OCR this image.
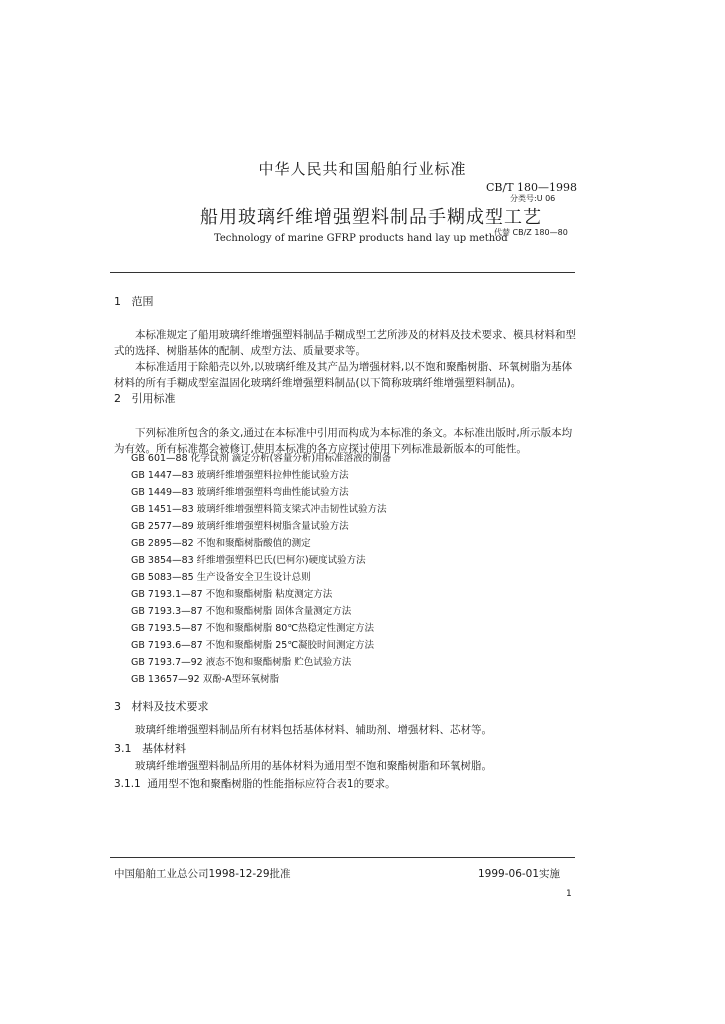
中华人民共和国船舶行业标准
CB/T 180—1998
分类号:U 06
船用玻璃纤维增强塑料制品手糊成型工艺
代替 CB/Z 180—80
Technology of marine GFRP products hand lay up method
1 范围

本标准规定了船用玻璃纤维增强塑料制品手糊成型工艺所涉及的材料及技术要求、模具材料和型式的选择、树脂基体的配制、成型方法、质量要求等。

本标准适用于除船壳以外,以玻璃纤维及其产品为增强材料,以不饱和聚酯树脂、环氧树脂为基体材料的所有手糊成型室温固化玻璃纤维增强塑料制品(以下简称玻璃纤维增强塑料制品)。

2 引用标准

下列标准所包含的条文,通过在本标准中引用而构成为本标准的条文。本标准出版时,所示版本均为有效。所有标准都会被修订,使用本标准的各方应探讨使用下列标准最新版本的可能性。

GB 601—88 化学试剂 滴定分析(容量分析)用标准溶液的制备
GB 1447—83 玻璃纤维增强塑料拉伸性能试验方法
GB 1449—83 玻璃纤维增强塑料弯曲性能试验方法
GB 1451—83 玻璃纤维增强塑料简支梁式冲击韧性试验方法
GB 2577—89 玻璃纤维增强塑料树脂含量试验方法
GB 2895—82 不饱和聚酯树脂酸值的测定
GB 3854—83 纤维增强塑料巴氏(巴柯尔)硬度试验方法
GB 5083—85 生产设备安全卫生设计总则
GB 7193.1—87 不饱和聚酯树脂 粘度测定方法
GB 7193.3—87 不饱和聚酯树脂 固体含量测定方法
GB 7193.5—87 不饱和聚酯树脂 80℃热稳定性测定方法
GB 7193.6—87 不饱和聚酯树脂 25℃凝胶时间测定方法
GB 7193.7—92 液态不饱和聚酯树脂 贮色试验方法
GB 13657—92 双酚-A型环氧树脂
3 材料及技术要求
玻璃纤维增强塑料制品所有材料包括基体材料、辅助剂、增强材料、芯材等。
3.1 基体材料
玻璃纤维增强塑料制品所用的基体材料为通用型不饱和聚酯树脂和环氧树脂。
3.1.1 通用型不饱和聚酯树脂的性能指标应符合表1的要求。
中国船舶工业总公司1998-12-29批准	1999-06-01实施
1
